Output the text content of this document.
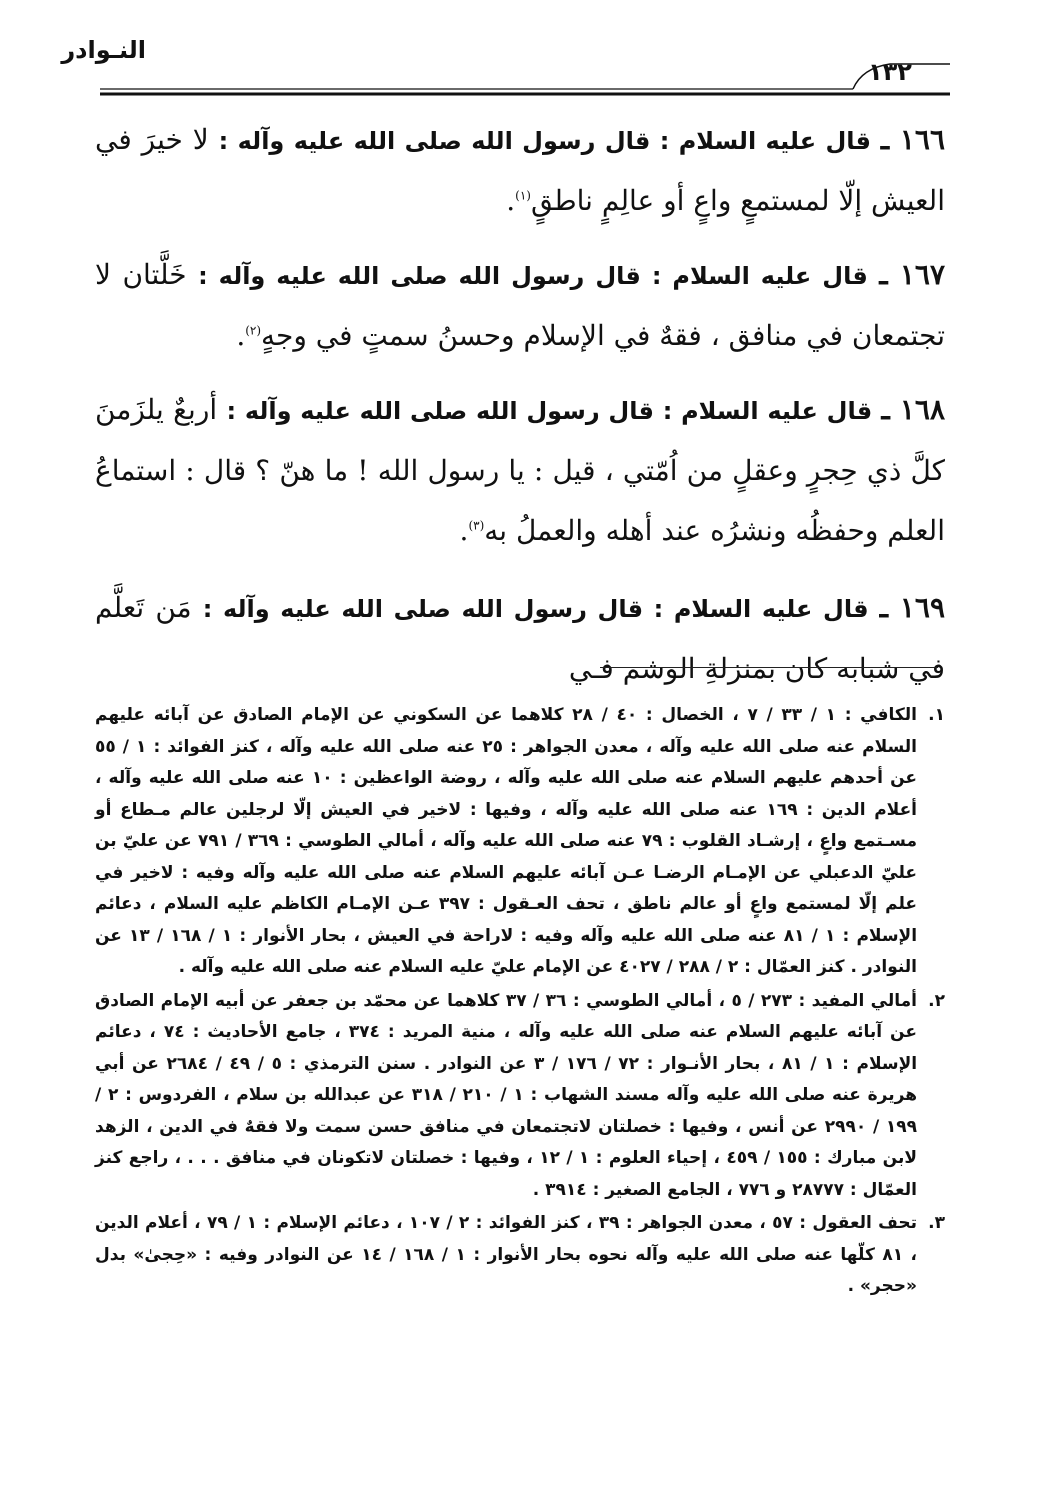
النـوادر
١٣٢
١٦٦ ـ قال عليه السلام : قال رسول الله صلى الله عليه وآله : لا خيرَ في العيش إلّا لمستمعٍ واعٍ أو عالِمٍ ناطقٍ$^{(١)}$.
١٦٧ ـ قال عليه السلام : قال رسول الله صلى الله عليه وآله : خَلَّتان لا تجتمعان في منافق ، فقهٌ في الإسلام وحسنُ سمتٍ في وجهٍ$^{(٢)}$.
١٦٨ ـ قال عليه السلام : قال رسول الله صلى الله عليه وآله : أربعٌ يلزَمنَ كلَّ ذي حِجرٍ وعقلٍ من اُمّتي ، قيل : يا رسول الله ! ما هنّ ؟ قال : استماعُ العلم وحفظُه ونشرُه عند أهله والعملُ به$^{(٣)}$.
١٦٩ ـ قال عليه السلام : قال رسول الله صلى الله عليه وآله : مَن تَعلَّم في شبابه كان بمنزلةِ الوشم فـي
١.
الكافي : ١ / ٣٣ / ٧ ، الخصال : ٤٠ / ٢٨ كلاهما عن السكوني عن الإمام الصادق عن آبائه عليهم السلام عنه صلى الله عليه وآله ، معدن الجواهر : ٢٥ عنه صلى الله عليه وآله ، كنز الفوائد : ١ / ٥٥ عن أحدهم عليهم السلام عنه صلى الله عليه وآله ، روضة الواعظين : ١٠ عنه صلى الله عليه وآله ، أعلام الدين : ١٦٩ عنه صلى الله عليه وآله ، وفيها : لاخير في العيش إلّا لرجلين عالم مـطاع أو مسـتمع واعٍ ، إرشـاد القلوب : ٧٩ عنه صلى الله عليه وآله ، أمالي الطوسي : ٣٦٩ / ٧٩١ عن عليّ بن عليّ الدعبلي عن الإمـام الرضـا عـن آبائه عليهم السلام عنه صلى الله عليه وآله وفيه : لاخير في علم إلّا لمستمع واعٍ أو عالم ناطق ، تحف العـقول : ٣٩٧ عـن الإمـام الكاظم عليه السلام ، دعائم الإسلام : ١ / ٨١ عنه صلى الله عليه وآله وفيه : لاراحة في العيش ، بحار الأنوار : ١ / ١٦٨ / ١٣ عن النوادر . كنز العمّال : ٢ / ٢٨٨ / ٤٠٢٧ عن الإمام عليّ عليه السلام عنه صلى الله عليه وآله .
٢.
أمالي المفيد : ٢٧٣ / ٥ ، أمالي الطوسي : ٣٦ / ٣٧ كلاهما عن محمّد بن جعفر عن أبيه الإمام الصادق عن آبائه عليهم السلام عنه صلى الله عليه وآله ، منية المريد : ٣٧٤ ، جامع الأحاديث : ٧٤ ، دعائم الإسلام : ١ / ٨١ ، بحار الأنـوار : ٧٢ / ١٧٦ / ٣ عن النوادر . سنن الترمذي : ٥ / ٤٩ / ٢٦٨٤ عن أبي هريرة عنه صلى الله عليه وآله مسند الشهاب : ١ / ٢١٠ / ٣١٨ عن عبدالله بن سلام ، الفردوس : ٢ / ١٩٩ / ٢٩٩٠ عن أنس ، وفيها : خصلتان لاتجتمعان في منافق حسن سمت ولا فقهٌ في الدين ، الزهد لابن مبارك : ١٥٥ / ٤٥٩ ، إحياء العلوم : ١ / ١٢ ، وفيها : خصلتان لاتكونان في منافق . . . ، راجع كنز العمّال : ٢٨٧٧٧ و ٧٧٦ ، الجامع الصغير : ٣٩١٤ .
٣.
تحف العقول : ٥٧ ، معدن الجواهر : ٣٩ ، كنز الفوائد : ٢ / ١٠٧ ، دعائم الإسلام : ١ / ٧٩ ، أعلام الدين ، ٨١ كلّها عنه صلى الله عليه وآله نحوه بحار الأنوار : ١ / ١٦٨ / ١٤ عن النوادر وفيه : «حِجىٰ» بدل «حجر» .
